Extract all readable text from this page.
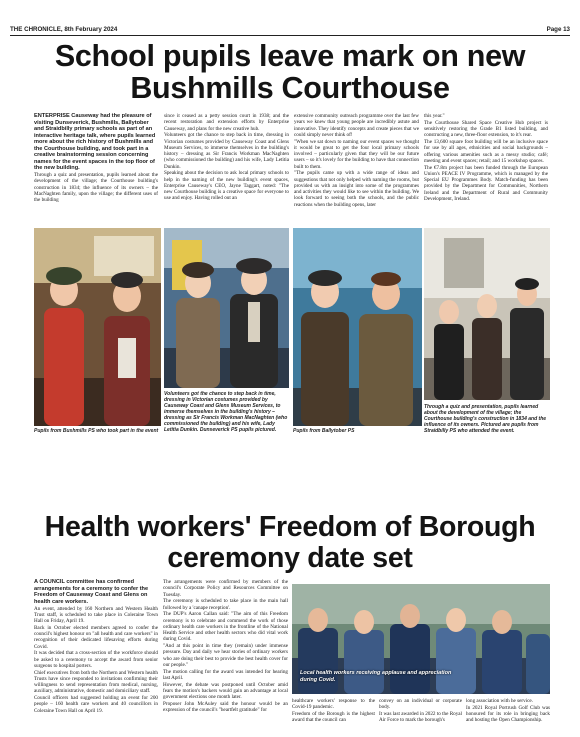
THE CHRONICLE, 8th February 2024	Page 13
School pupils leave mark on new Bushmills Courthouse

ENTERPRISE Causeway had the pleasure of visiting Dunseverick, Bushmills, Ballytober and Straidbilly primary schools as part of an interactive heritage talk, where pupils learned more about the rich history of Bushmills and the Courthouse building, and took part in a creative brainstorming session concerning names for the event spaces in the top floor of the new building.

Through a quiz and presentation, pupils learned about the development of the village; the Courthouse building's construction in 1834; the influence of its owners – the MacNaghten family, upon the village; the different uses of the building

since it ceased as a petty session court in 1938; and the recent restoration and extension efforts by Enterprise Causeway, and plans for the new creative hub.

Volunteers got the chance to step back in time, dressing in Victorian costumes provided by Causeway Coast and Glens Museum Services, to immerse themselves in the building's history – dressing as Sir Francis Workman MacNaghten (who commissioned the building) and his wife, Lady Letitia Dunkin.

Speaking about the decision to ask local primary schools to help in the naming of the new building's event spaces, Enterprise Causeway's CEO, Jayne Taggart, noted: "The new Courthouse building is a creative space for everyone to use and enjoy. Having rolled out an

extensive community outreach programme over the last few years we knew that young people are incredibly astute and innovative. They identify concepts and create pieces that we could simply never think of!

"When we sat down to naming our event spaces we thought it would be great to get the four local primary schools involved – particularly given that they will be our future users – so it's lovely for the building to have that connection built to them.

"The pupils came up with a wide range of ideas and suggestions that not only helped with naming the rooms, but provided us with an insight into some of the programmes and activities they would like to see within the building. We look forward to seeing both the schools, and the public reactions when the building opens, later

this year."

The Courthouse Shared Space Creative Hub project is sensitively restoring the Grade B1 listed building, and constructing a new, three-floor extension, to it's rear.

The 13,600 square foot building will be an inclusive space for use by all ages, ethnicities and social backgrounds – offering various amenities such as a messy studio; café; meeting and event spaces; retail; and 15 workshop spaces.

The €7.8m project has been funded through the European Union's PEACE IV Programme, which is managed by the Special EU Programmes Body. Match-funding has been provided by the Department for Communities, Northern Ireland and the Department of Rural and Community Development, Ireland.

Volunteers got the chance to step back in time, dressing in Victorian costumes provided by Causeway Coast and Glens Museum Services, to immerse themselves in the building's history – dressing as Sir Francis Workman MacNaghten (who commissioned the building) and his wife, Lady Letitia Dunkin. Dunseverick PS pupils pictured.
Through a quiz and presentation, pupils learned about the development of the village; the Courthouse building's construction in 1834 and the influence of its owners. Pictured are pupils from Straidbilly PS who attended the event.
Pupils from Bushmills PS who took part in the event	Pupils from Ballytober PS
Health workers' Freedom of Borough ceremony date set

A COUNCIL committee has confirmed arrangements for a ceremony to confer the Freedom of Causeway Coast and Glens on health care workers.

An event, attended by 160 Northern and Western Health Trust staff, is scheduled to take place in Coleraine Town Hall on Friday, April 19.

Back in October elected members agreed to confer the council's highest honour on "all health and care workers" in recognition of their dedicated lifesaving efforts during Covid.

It was decided that a cross-section of the workforce should be asked to a ceremony to accept the award from senior surgeons to hospital porters.

Chief executives from both the Northern and Western health Trusts have since responded to invitations confirming their willingness to send representation from medical, nursing, auxiliary, administrative, domestic and domiciliary staff.

Council officers had suggested holding an event for 200 people – 160 health care workers and 40 councillors in Coleraine Town Hall on April 19.

The arrangements were confirmed by members of the council's Corporate Policy and Resources Committee on Tuesday.

The ceremony is scheduled to take place in the main hall followed by a 'canape reception'.

The DUP's Aaron Callan said: "The aim of this Freedom ceremony is to celebrate and commend the work of those ordinary health care workers in the frontline of the National Health Service and other health sectors who did vital work during Covid.

"And at this point in time they (remain) under immense pressure. Day and daily we hear stories of ordinary workers who are doing their best to provide the best health cover for our people."

The motion calling for the award was intended for hearing last April.

However, the debate was postponed until October amid fears the motion's backers would gain an advantage at local government elections one month later.

Proposer John McAuley said the honour would be an expression of the council's "heartfelt gratitude" for

Local health workers receiving applause and appreciation during Covid.

healthcare workers' response to the Covid-19 pandemic.

Freedom of the Borough is the highest award that the council can

convey on an individual or corporate body.

It was last awarded in 2022 to the Royal Air Force to mark the borough's

long association with he service.

In 2021 Royal Portrush Golf Club was honoured for its role in bringing back and hosting the Open Championship.
